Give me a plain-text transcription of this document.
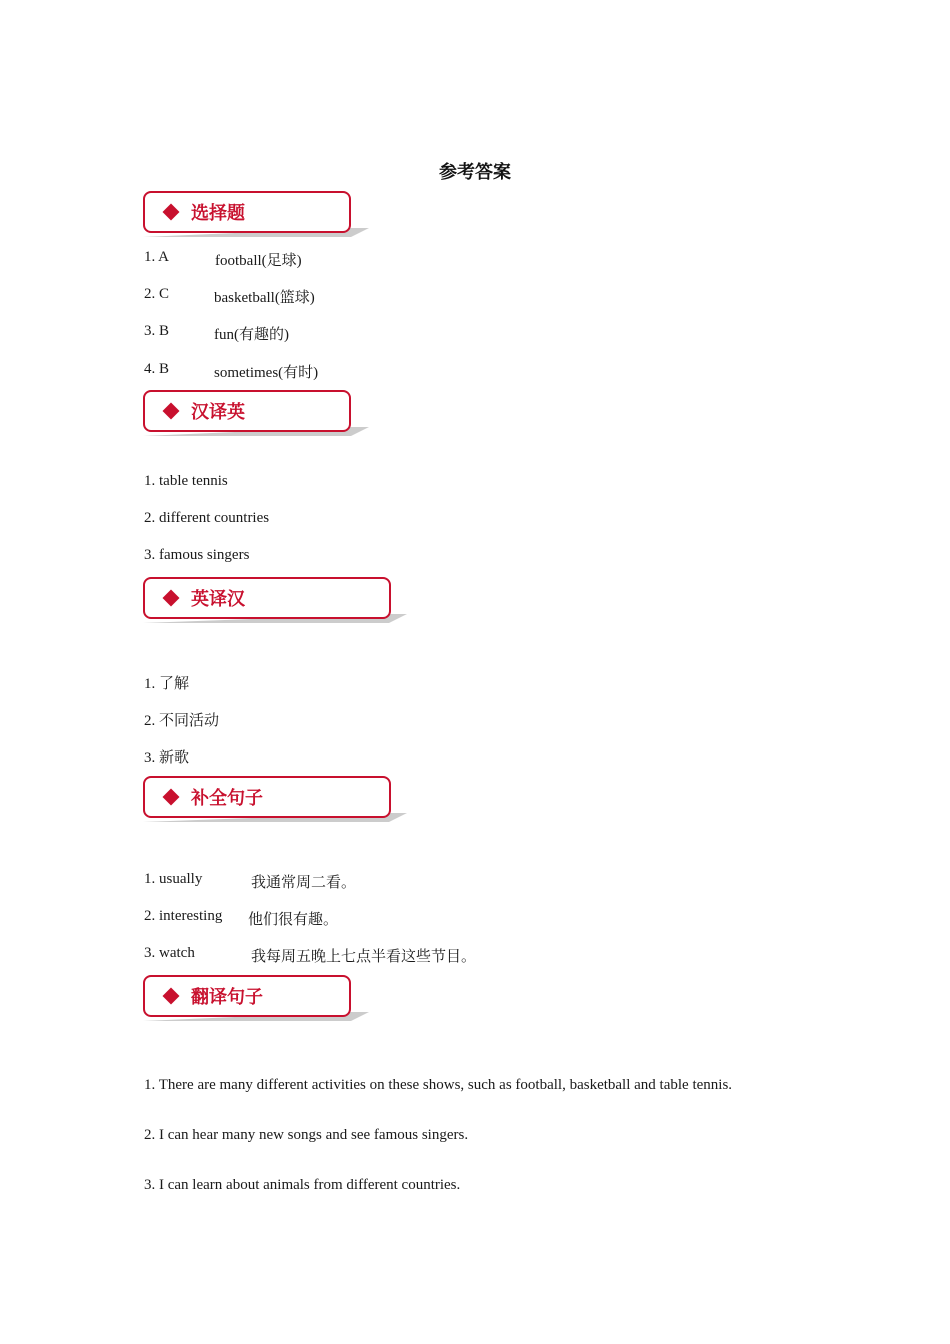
参考答案
选择题
1. A	football(足球)
2. C	basketball(篮球)
3. B	fun(有趣的)
4. B	sometimes(有时)
汉译英
1. table tennis
2. different countries
3. famous singers
英译汉
1. 了解
2. 不同活动
3. 新歌
补全句子
1. usually	我通常周二看。
2. interesting 他们很有趣。
3. watch	我每周五晚上七点半看这些节目。
翻译句子
1. There are many different activities on these shows, such as football, basketball and table tennis.
2. I can hear many new songs and see famous singers.
3. I can learn about animals from different countries.
